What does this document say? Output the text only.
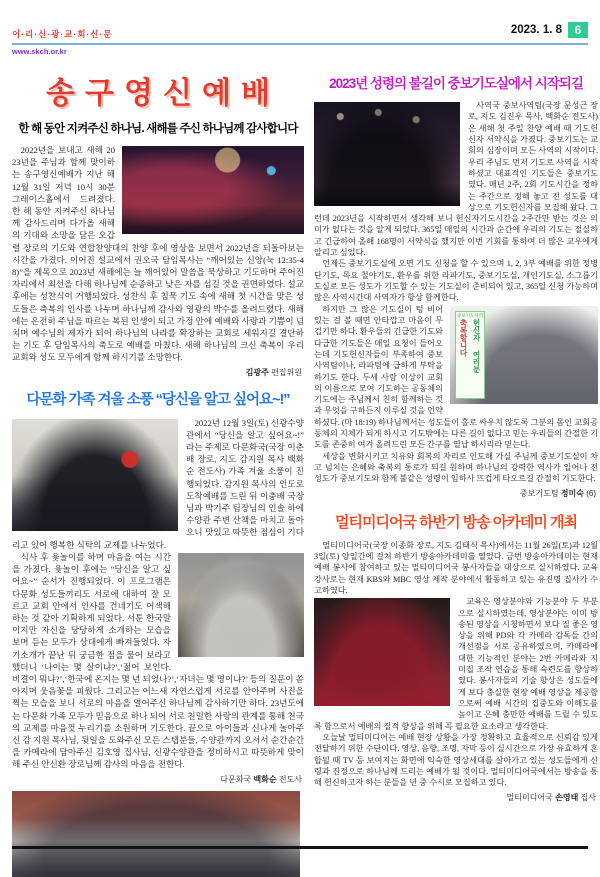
이·리·신·광·교·회·신·문	2023. 1. 8	6
www.skch.or.kr
송구영신예배
한 해 동안 지켜주신 하나님. 새해를 주신 하나님께 감사합니다

2022년을 보내고 새해 2023년을 주님과 함께 맞이하는 송구영신예배가 지난 해 12월 31일 저녁 10시 30분 그레이스홀에서 드려졌다. 한 해 동안 지켜주신 하나님께 감사드리며 다가올 새해의 기대와 소망을 담은 오갑렬 장로의 기도와 연합찬양대의 찬양 후에 영상을 보면서 2022년을 되돌아보는 시간을 가졌다. 이어진 설교에서 권오국 담임목사는 “깨어있는 신앙(눅 12:35-48)”을 제목으로 2023년 새해에는 늘 깨어있어 말씀을 묵상하고 기도하며 주어진 자리에서 최선을 다해 하나님께 순종하고 낮은 자를 섬길 것을 권면하였다. 설교 후에는 성찬식이 거행되었다. 성찬식 후 침묵 기도 속에 새해 첫 시간을 맞은 성도들은 축복의 인사를 나누며 하나님께 감사와 영광의 박수를 올려드렸다. 새해에는 온전히 주님을 따르는 복된 인생이 되고 가정 안에 예배와 사랑과 기쁨이 넘치며 예수님의 제자가 되어 하나님의 나라를 확장하는 교회로 세워지길 결단하는 기도 후 담임목사의 축도로 예배를 마쳤다. 새해 하나님의 크신 축복이 우리 교회와 성도 모두에게 함께 하시기를 소망한다.

김광주 편집위원
다문화 가족 겨울 소풍 “당신을 알고 싶어요~!”

2022년 12월 3일(토) 신광수양관에서 “당신을 알고 싶어요~!” 라는 주제로 다문화국(국장 이춘배 장로, 지도 감지원 목사 백화순 전도사) 가족 겨울 소풍이 진행되었다. 감지원 목사의 인도로 도착예배를 드린 뒤 이충배 국장님과 박기주 팀장님의 인솔 하에 수양관 주변 산책을 마치고 돌아오니 맛있고 따뜻한 점심이 기다리고 있어 행복한 식탁의 교제를 나누었다.

식사 후 윷놀이를 하며 마음을 여는 시간을 가졌다. 윷놀이 후에는 “당신을 알고 싶어요~” 순서가 진행되었다. 이 프로그램은 다문화 성도들끼리도 서로에 대하여 잘 모르고 교회 안에서 인사를 건네기도 어색해 하는 것 같아 기획하게 되었다. 서툰 한국말이지만 자신을 당당하게 소개하는 모습을 보며 듣는 모두가 상대에게 빠져들었다. 자기소개가 끝난 뒤 궁금한 점을 물어 보라고 했더니 ‘나이는 몇 살이냐?’,‘젊어 보인다. 비결이 뭐냐?’,‘한국에 온지는 몇 년 되었나?’,‘자녀는 몇 명이냐?’ 등의 질문이 쏟아지며 웃음꽃을 피웠다. 그리고는 어느새 자연스럽게 서로를 안아주며 사진을 찍는 모습을 보니 서로의 마음을 열어주신 하나님께 감사하기만 하다. 23년도에는 다문화 가족 모두가 믿음으로 하나 되어 서로 친밀한 사랑의 관계를 통해 천국의 교제를 마음껏 누리기를 소원하며 기도한다. 끝으로 아이들과 신나게 놀아주신 감 지원 목사님, 뒷일을 도와주신 모든 스탭분들, 수양관까지 오셔서 순간순간을 카메라에 담아주신 김호영 집사님, 신광수양관을 정비하시고 따뜻하게 맞이해 주신 안신환 장로님께 감사의 마음을 전한다.

다문화국 백화순 전도사
2023년 성령의 불길이 중보기도실에서 시작되길

사역국 중보사역팀(국장 문성근 장로, 지도 김진우 목사, 백화순 전도사)은 새해 첫 주일 찬양 예배 때 기도헌신자 서약식을 가졌다. 중보기도는 교회의 심장이며 모든 사역의 시작이다. 우리 주님도 먼저 기도로 사역을 시작하셨고 대표적인 기도들은 중보기도였다. 매년 2주, 2회 기도시간을 정하는 주간으로 정해 놓고 전 성도를 대상으로 기도헌신자를 모집해 왔다. 그런데 2023년을 시작하면서 생각해 보니 헌신자기도시간을 2주간만 받는 것은 의미가 없다는 것을 알게 되었다. 365일 매일의 시간과 순간에 우리의 기도는 절실하고 긴급하여 올해 168명이 서약식을 했지만 이번 기회를 통하여 더 많은 교우에게 알리고 싶었다.

언제든 중보기도실에 오면 기도 신청을 할 수 있으며 1, 2, 3부 예배를 위한 정병단기도, 목요 철야기도, 환우를 위한 라파기도, 중보기도실, 개인기도실, 소그룹기도실로 모든 성도가 기도할 수 있는 기도실이 준비되어 있고, 365일 신청 가능하며 많은 사역시간대 사역자가 항상 함께한다.

중보기도사역
축복합니다 헌신자 여러분

하지만 그 많은 기도실이 텅 비어 있는 걸 볼 때면 안타깝고 마음이 무겁기만 하다. 환우들의 긴급한 기도와 다급한 기도들은 매일 요청이 들어오는데 기도헌신자들이 부족하여 중보사역팀이나, 라파팀에 급하게 부탁을 하기도 한다. 두세 사람 이상이 교회의 이름으로 모여 기도하는 공동체의 기도에는 주님께서 친히 함께하는 것과 무엇을 구하든지 이루실 것을 언약하셨다. (마 18:19) 하나님께서는 성도들이 홀로 싸우지 않도록 그분의 몸인 교회공동체의 지체가 되게 하시고 기도밖에는 다른 길이 없다고 믿는 우리들의 간절한 기도를 존중히 여겨 올려드린 모든 간구를 열납 하시리라 믿는다.

세상을 변화시키고 치유와 회복의 자리로 인도해 가실 주님께 중보기도실이 차고 넘치는 은혜와 축복의 통로가 되길 원하며 하나님의 강력한 역사가 일어나 전 성도가 중보기도와 함께 불같은 성령이 임하사 뜨겁게 타오르길 간절히 기도한다.

중보기도팀 정미숙 (6)
멀티미디어국 하반기 방송 아카데미 개최

멀티미디어국(국장 이종화 장로, 지도 김태식 목사)에서는 11월 26일(토)과 12월 3일(토) 양일간에 걸쳐 하반기 방송아카데미를 열었다. 금번 방송아카데미는 현재 예배 봉사에 참여하고 있는 멀티미디어국 봉사자들을 대상으로 실시하였다. 교육 강사로는 현재 KBS와 MBC 영상 제작 분야에서 활동하고 있는 유진명 집사가 수고하였다.

교육은 영상분야와 기능분야 두 부분으로 실시하였는데, 영상분야는 이미 방송된 영상을 시청하면서 보다 질 좋은 영상을 위해 PD와 각 카메라 감독들 간의 개선점을 서로 공유하였으며, 카메라에 대한 기능적인 분야는 2번 카메라와 지미집 조작 연습을 통해 숙련도를 향상하였다. 봉사자들의 기술 향상은 성도들에게 보다 충실한 현장 예배 영상을 제공함으로써 예배 시간의 집중도와 이해도를 높이고 은혜 충만한 예배를 드릴 수 있도록 함으로서 예배의 질적 향상을 위해 꼭 필요한 요소라고 생각한다.

오늘날 멀티미디어는 예배 현장 상황을 가장 정확하고 효율적으로 신뢰감 있게 전달하기 위한 수단이다. 영상, 음향, 조명, 자막 등이 실시간으로 가장 유효하게 혼합될 때 TV 등 보여지는 화면에 익숙한 영상세대를 살아가고 있는 성도들에게 신령과 진정으로 하나님께 드리는 예배가 될 것이다. 멀티미디어국에서는 방송을 통해 헌신하고자 하는 분들을 년 중 수시로 모집하고 있다.

멀티미디어국 손영태 집사
